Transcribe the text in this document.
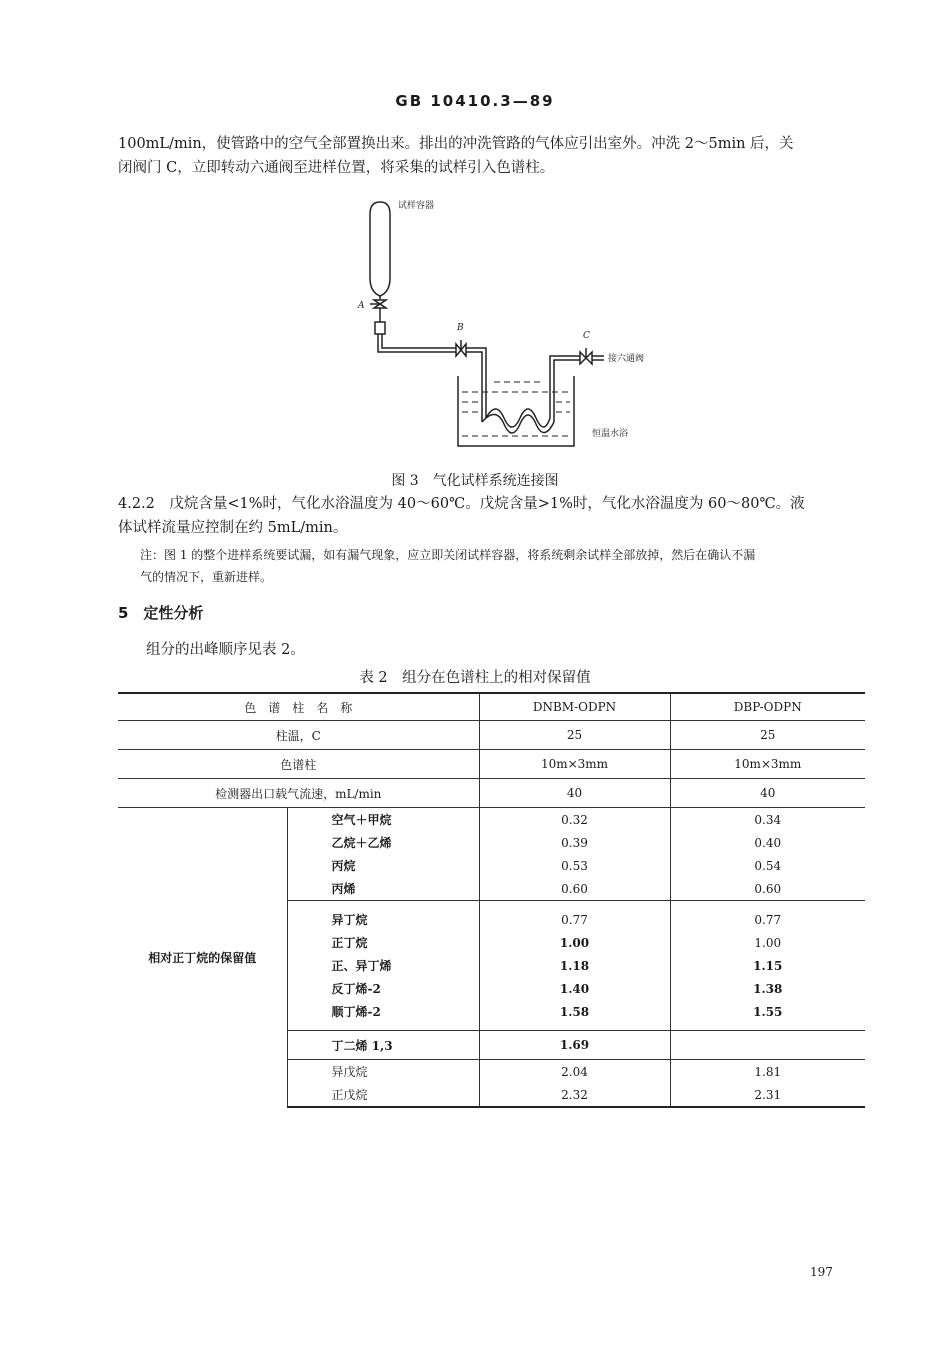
GB 10410.3—89
100mL/min，使管路中的空气全部置换出来。排出的冲洗管路的气体应引出室外。冲洗 2～5min 后，关
闭阀门 C，立即转动六通阀至进样位置，将采集的试样引入色谱柱。
试样容器
A
B
C
接六通阀
恒温水浴
图 3　气化试样系统连接图
4.2.2　戊烷含量<1%时，气化水浴温度为 40～60℃。戊烷含量>1%时，气化水浴温度为 60～80℃。液
体试样流量应控制在约 5mL/min。
注：图 1 的整个进样系统要试漏，如有漏气现象，应立即关闭试样容器，将系统剩余试样全部放掉，然后在确认不漏
气的情况下，重新进样。
5　定性分析
组分的出峰顺序见表 2。
表 2　组分在色谱柱上的相对保留值
色　谱　柱　名　称		DNBM-ODPN	DBP-ODPN
柱温，C		25	25
色谱柱		10m×3mm	10m×3mm
检测器出口载气流速，mL/min		40	40
相对正丁烷的保留值	空气＋甲烷	0.32	0.34
	乙烷＋乙烯	0.39	0.40
	丙烷	0.53	0.54
	丙烯	0.60	0.60
	异丁烷	0.77	0.77
	正丁烷	1.00	1.00
	正、异丁烯	1.18	1.15
	反丁烯-2	1.40	1.38
	顺丁烯-2	1.58	1.55
	丁二烯 1,3	1.69	
	异戊烷	2.04	1.81
	正戊烷	2.32	2.31
197
